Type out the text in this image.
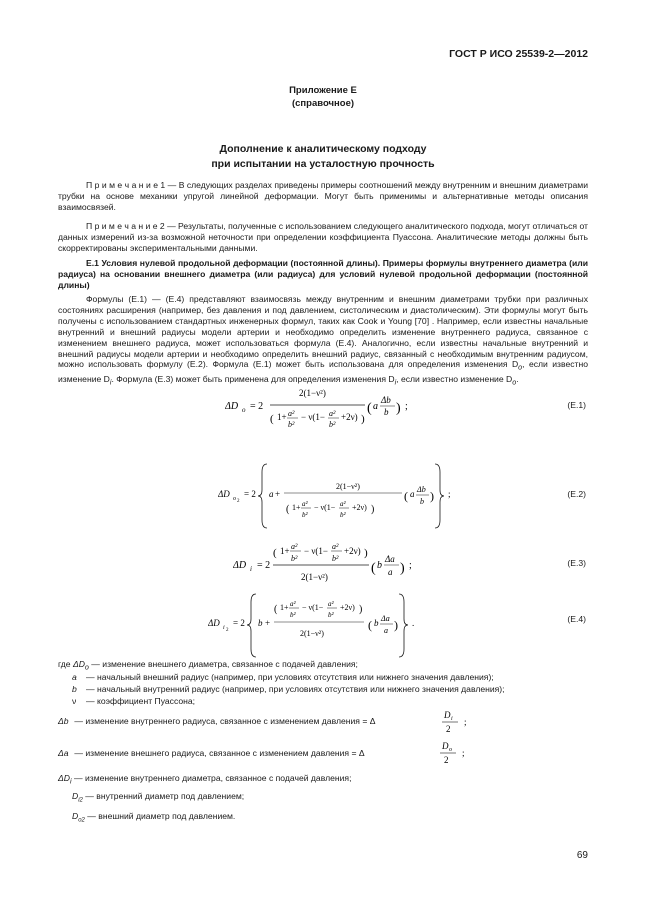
ГОСТ Р ИСО 25539-2—2012
Приложение Е
(справочное)
Дополнение к аналитическому подходу
при испытании на усталостную прочность
П р и м е ч а н и е 1 — В следующих разделах приведены примеры соотношений между внутренним и внешним диаметрами трубки на основе механики упругой линейной деформации. Могут быть применимы и альтернативные методы описания взаимосвязей.
П р и м е ч а н и е 2 — Результаты, полученные с использованием следующего аналитического подхода, могут отличаться от данных измерений из-за возможной неточности при определении коэффициента Пуассона. Аналитические методы должны быть скорректированы экспериментальными данными.
Е.1 Условия нулевой продольной деформации (постоянной длины). Примеры формулы внутреннего диаметра (или радиуса) на основании внешнего диаметра (или радиуса) для условий нулевой продольной деформации (постоянной длины)
Формулы (Е.1) — (Е.4) представляют взаимосвязь между внутренним и внешним диаметрами трубки при различных состояниях расширения (например, без давления и под давлением, систолическим и диастолическим). Эти формулы могут быть получены с использованием стандартных инженерных формул, таких как Cook и Young [70] . Например, если известны начальные внутренний и внешний радиусы модели артерии и необходимо определить изменение внутреннего радиуса, связанное с изменением внешнего радиуса, может использоваться формула (Е.4). Аналогично, если известны начальные внутренний и внешний радиусы модели артерии и необходимо определить внешний радиус, связанный с необходимым внутренним радиусом, можно использовать формулу (Е.2). Формула (Е.1) может быть использована для определения изменения $D_o$, если известно изменение $D_i$. Формула (Е.3) может быть применена для определения изменения $D_i$, если известно изменение $D_o$.
ΔD o = 2
2(1−ν²)
( 1+ a²
b²
− ν(1− a²
b²
+2ν) )
( a
Δb
b ) ;	(Е.1)
ΔD o 2
= 2 a +
2(1−ν²)
( 1+ a²
b²
− ν(1− a²
b²
+2ν) )
( a Δb
b ) ;	(Е.2)
ΔD i = 2
( 1+ a²
b²
− ν(1− a²
b²
+2ν) )
2(1−ν²)
( b
Δa
a ) ;	(Е.3)
ΔD i 2
= 2 b +
( 1+ a²
b²
− ν(1− a²
b²
+2ν) )
2(1−ν²)
( b Δa
a ) .	(Е.4)
где $\Delta D_o$ — изменение внешнего диаметра, связанное с подачей давления;
a — начальный внешний радиус (например, при условиях отсутствия или нижнего значения давления);
b — начальный внутренний радиус (например, при условиях отсутствия или нижнего значения давления);
ν — коэффициент Пуассона;
Δb — изменение внутреннего радиуса, связанное с изменением давления = Δ
D i
2
;
Δa — изменение внешнего радиуса, связанное с изменением давления = Δ
D o
2
;
$\Delta D_i$ — изменение внутреннего диаметра, связанное с подачей давления;
$D_{i2}$ — внутренний диаметр под давлением;
$D_{o2}$ — внешний диаметр под давлением.
69
